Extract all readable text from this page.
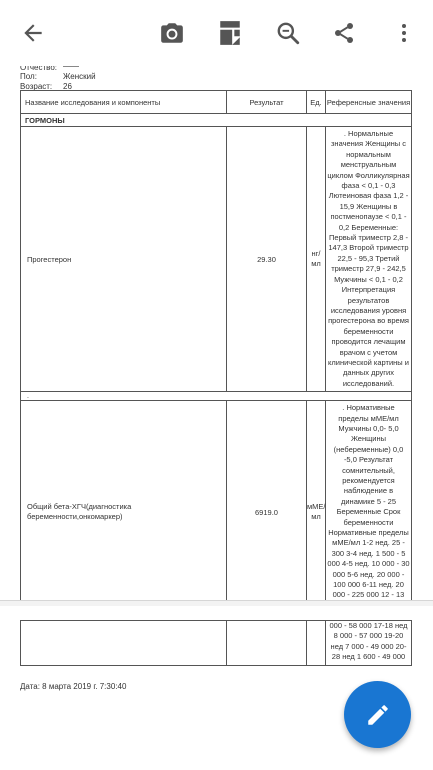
Отчество:
Пол:	Женский
Возраст: 26
Название исследования и компоненты	Результат	Ед.	Референсные значения
ГОРМОНЫ			
Прогестерон	29.30	нг/мл	. Нормальные значения Женщины с нормальным менструальным циклом Фолликулярная фаза < 0,1 - 0,3 Лютеиновая фаза 1,2 - 15,9 Женщины в постменопаузе < 0,1 - 0,2 Беременные: Первый триместр 2,8 - 147,3 Второй триместр 22,5 - 95,3 Третий триместр 27,9 - 242,5 Мужчины < 0,1 - 0,2 Интерпретация результатов исследования уровня прогестерона во время беременности проводится лечащим врачом с учетом клинической картины и данных других исследований.
.			
Общий бета-ХГЧ(диагностика беременности,онкомаркер)	6919.0	мМЕ/мл	. Нормативные пределы мМЕ/мл Мужчины 0,0- 5,0 Женщины (небеременные) 0,0 -5,0 Результат сомнительный, рекомендуется наблюдение в динамике 5 - 25 Беременные Срок беременности Нормативные пределы мМЕ/мл 1-2 нед. 25 - 300 3-4 нед. 1 500 - 5 000 4-5 нед. 10 000 - 30 000 5-6 нед. 20 000 - 100 000 6-11 нед. 20 000 - 225 000 12 - 13
			000 - 58 000 17-18 нед 8 000 - 57 000 19-20 нед 7 000 - 49 000 20-28 нед 1 600 - 49 000
Дата: 8 марта 2019 г. 7:30:40
